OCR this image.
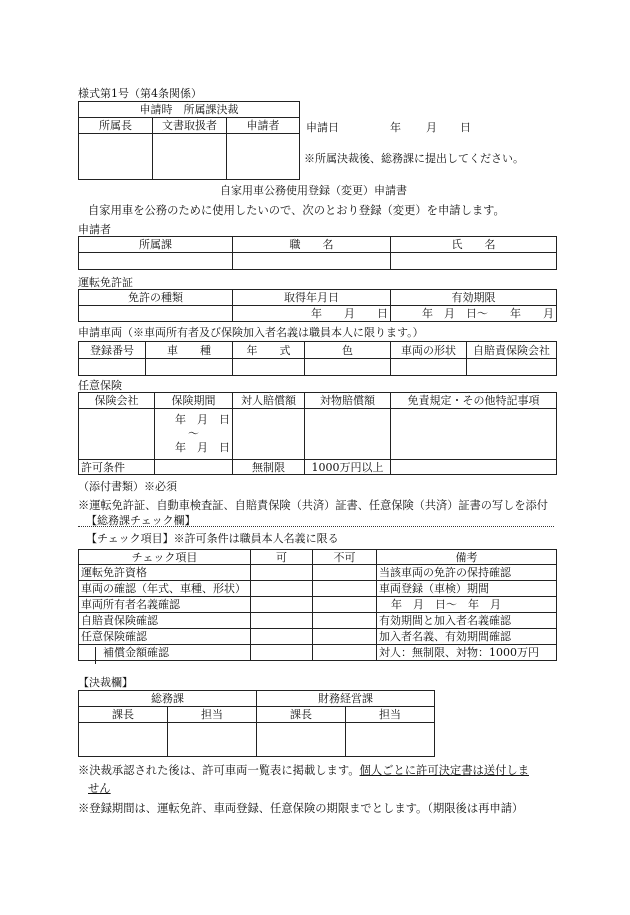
様式第1号（第4条関係）
申請時　所属課決裁		
所属長	文書取扱者	申請者
		申請日	年 月 日
※所属決裁後、総務課に提出してください。
自家用車公務使用登録（変更）申請書
自家用車を公務のために使用したいので、次のとおり登録（変更）を申請します。
申請者
所属課	職　　名	氏　　名

運転免許証
免許の種類	取得年月日	有効期限
	年　　月　　日	年　月　日～　　年　　月
申請車両（※車両所有者及び保険加入者名義は職員本人に限ります。）
登録番号	車　　種	年　　式	色	車両の形状	自賠責保険会社

任意保険
保険会社	保険期間	対人賠償額	対物賠償額	免責規定・その他特記事項

	年　月　日
～
年　月　日			

許可条件		無制限	1000万円以上	
（添付書類）※必須
※運転免許証、自動車検査証、自賠責保険（共済）証書、任意保険（共済）証書の写しを添付
【総務課チェック欄】
【チェック項目】※許可条件は職員本人名義に限る
チェック項目	可	不可	備考
運転免許資格			当該車両の免許の保持確認
車両の確認（年式、車種、形状）			車両登録（車検）期間
車両所有者名義確認			年　月　日～　年　月
自賠責保険確認			有効期間と加入者名義確認
任意保険確認			加入者名義、有効期間確認
補償金額確認			対人：無制限、対物：1000万円
【決裁欄】
総務課		財務経営課	
課長	担当	課長	担当

※決裁承認された後は、許可車両一覧表に掲載します。個人ごとに許可決定書は送付しま
せん
※登録期間は、運転免許、車両登録、任意保険の期限までとします。（期限後は再申請）
